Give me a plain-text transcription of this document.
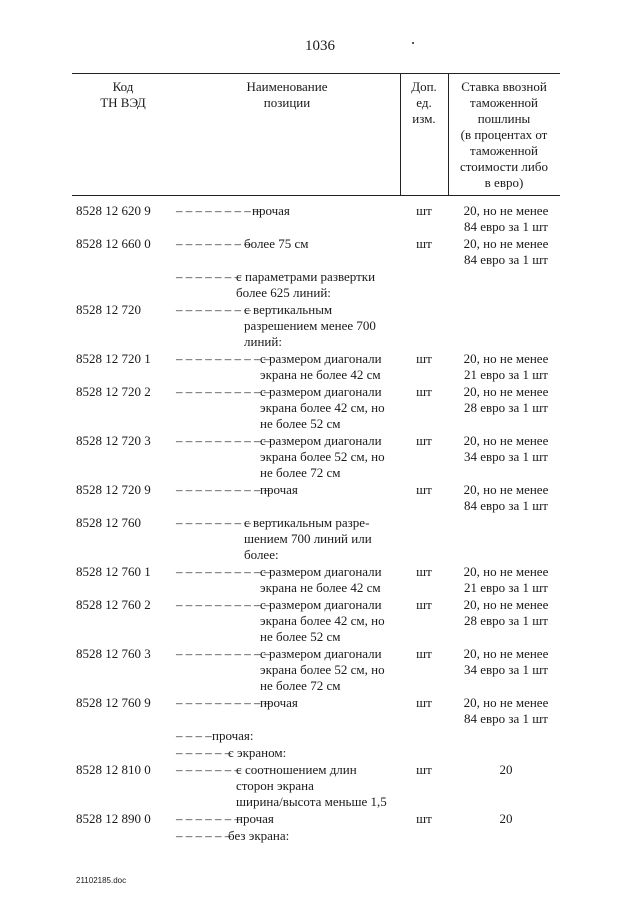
1036
Код
ТН ВЭД
Наименование
позиции
Доп.
ед.
изм.
Ставка ввозной
таможенной
пошлины
(в процентах от
таможенной
стоимости либо
в евро)
8528 12 620 9 – – – – – – – – –
прочая	шт	20, но не менее
84 евро за 1 шт
8528 12 660 0 – – – – – – – –
более 75 см	шт	20, но не менее
84 евро за 1 шт
– – – – – – –
с параметрами развертки
более 625 линий:
8528 12 720	– – – – – – – –
с вертикальным
разрешением менее 700
линий:
8528 12 720 1 – – – – – – – – – –
с размером диагонали
экрана не более 42 см
шт	20, но не менее
21 евро за 1 шт
8528 12 720 2 – – – – – – – – – –
с размером диагонали
экрана более 42 см, но
не более 52 см
шт	20, но не менее
28 евро за 1 шт
8528 12 720 3 – – – – – – – – – –
с размером диагонали
экрана более 52 см, но
не более 72 см
шт	20, но не менее
34 евро за 1 шт
8528 12 720 9 – – – – – – – – – –
прочая	шт	20, но не менее
84 евро за 1 шт
8528 12 760	– – – – – – – –
с вертикальным разре-
шением 700 линий или
более:
8528 12 760 1 – – – – – – – – – –
с размером диагонали
экрана не более 42 см
шт	20, но не менее
21 евро за 1 шт
8528 12 760 2 – – – – – – – – – –
с размером диагонали
экрана более 42 см, но
не более 52 см
шт	20, но не менее
28 евро за 1 шт
8528 12 760 3 – – – – – – – – – –
с размером диагонали
экрана более 52 см, но
не более 72 см
шт	20, но не менее
34 евро за 1 шт
8528 12 760 9 – – – – – – – – – –
прочая	шт	20, но не менее
84 евро за 1 шт
– – – – прочая:
– – – – – –
с экраном:
8528 12 810 0 – – – – – – –
с соотношением длин
сторон экрана
ширина/высота меньше 1,5
шт	20
8528 12 890 0 – – – – – – –
прочая	шт	20
– – – – – –
без экрана:
21102185.doc
